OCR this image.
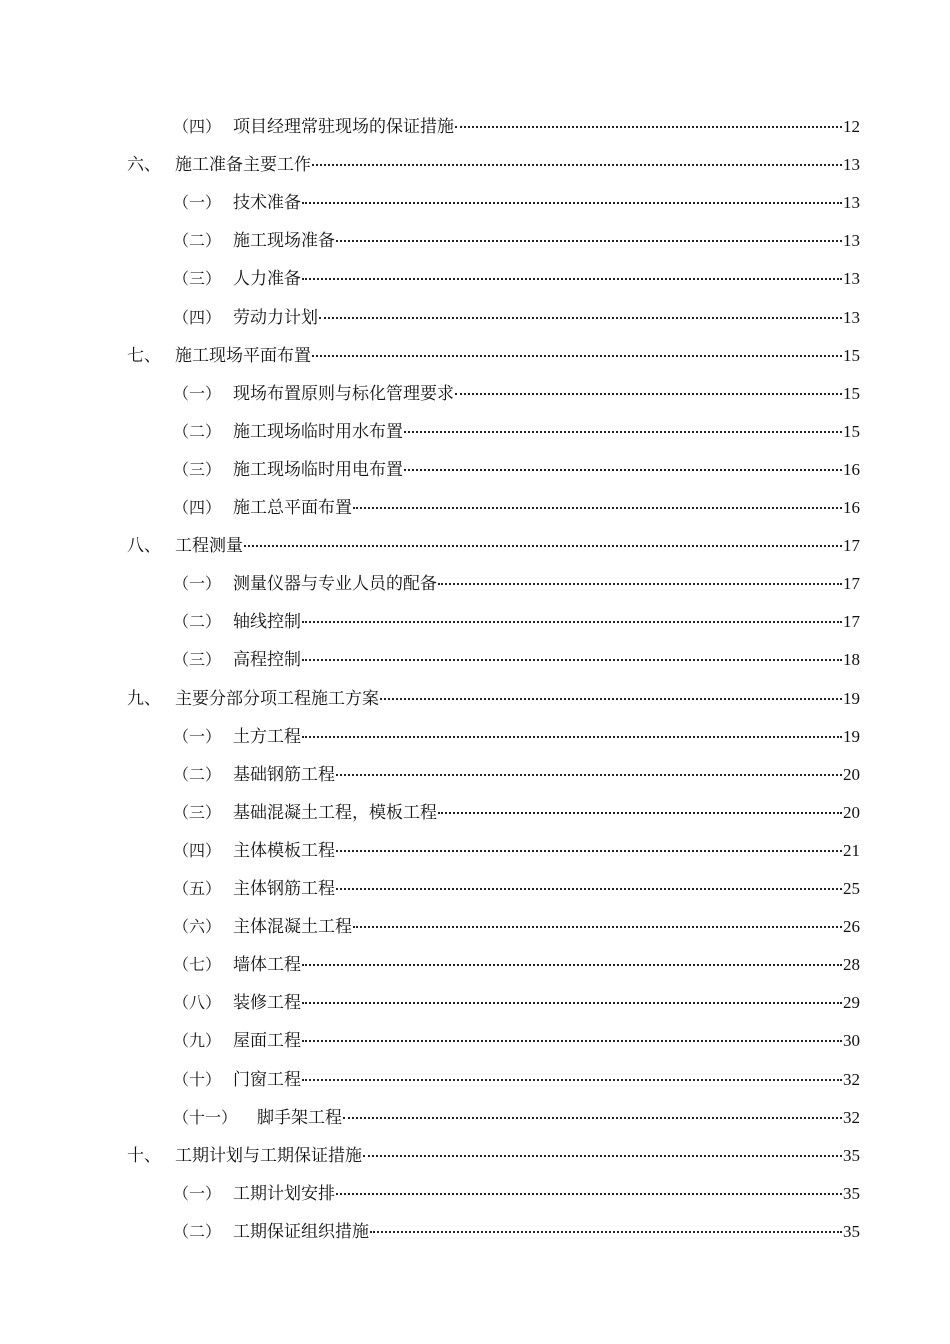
（四） 项目经理常驻现场的保证措施	12
六、 施工准备主要工作	13
（一） 技术准备	13
（二） 施工现场准备	13
（三） 人力准备	13
（四） 劳动力计划	13
七、 施工现场平面布置	15
（一） 现场布置原则与标化管理要求	15
（二） 施工现场临时用水布置	15
（三） 施工现场临时用电布置	16
（四） 施工总平面布置	16
八、 工程测量	17
（一） 测量仪器与专业人员的配备	17
（二） 轴线控制	17
（三） 高程控制	18
九、 主要分部分项工程施工方案	19
（一） 土方工程	19
（二） 基础钢筋工程	20
（三） 基础混凝土工程，模板工程	20
（四） 主体模板工程	21
（五） 主体钢筋工程	25
（六） 主体混凝土工程	26
（七） 墙体工程	28
（八） 装修工程	29
（九） 屋面工程	30
（十） 门窗工程	32
（十一）	脚手架工程	32
十、 工期计划与工期保证措施	35
（一） 工期计划安排	35
（二） 工期保证组织措施	35
